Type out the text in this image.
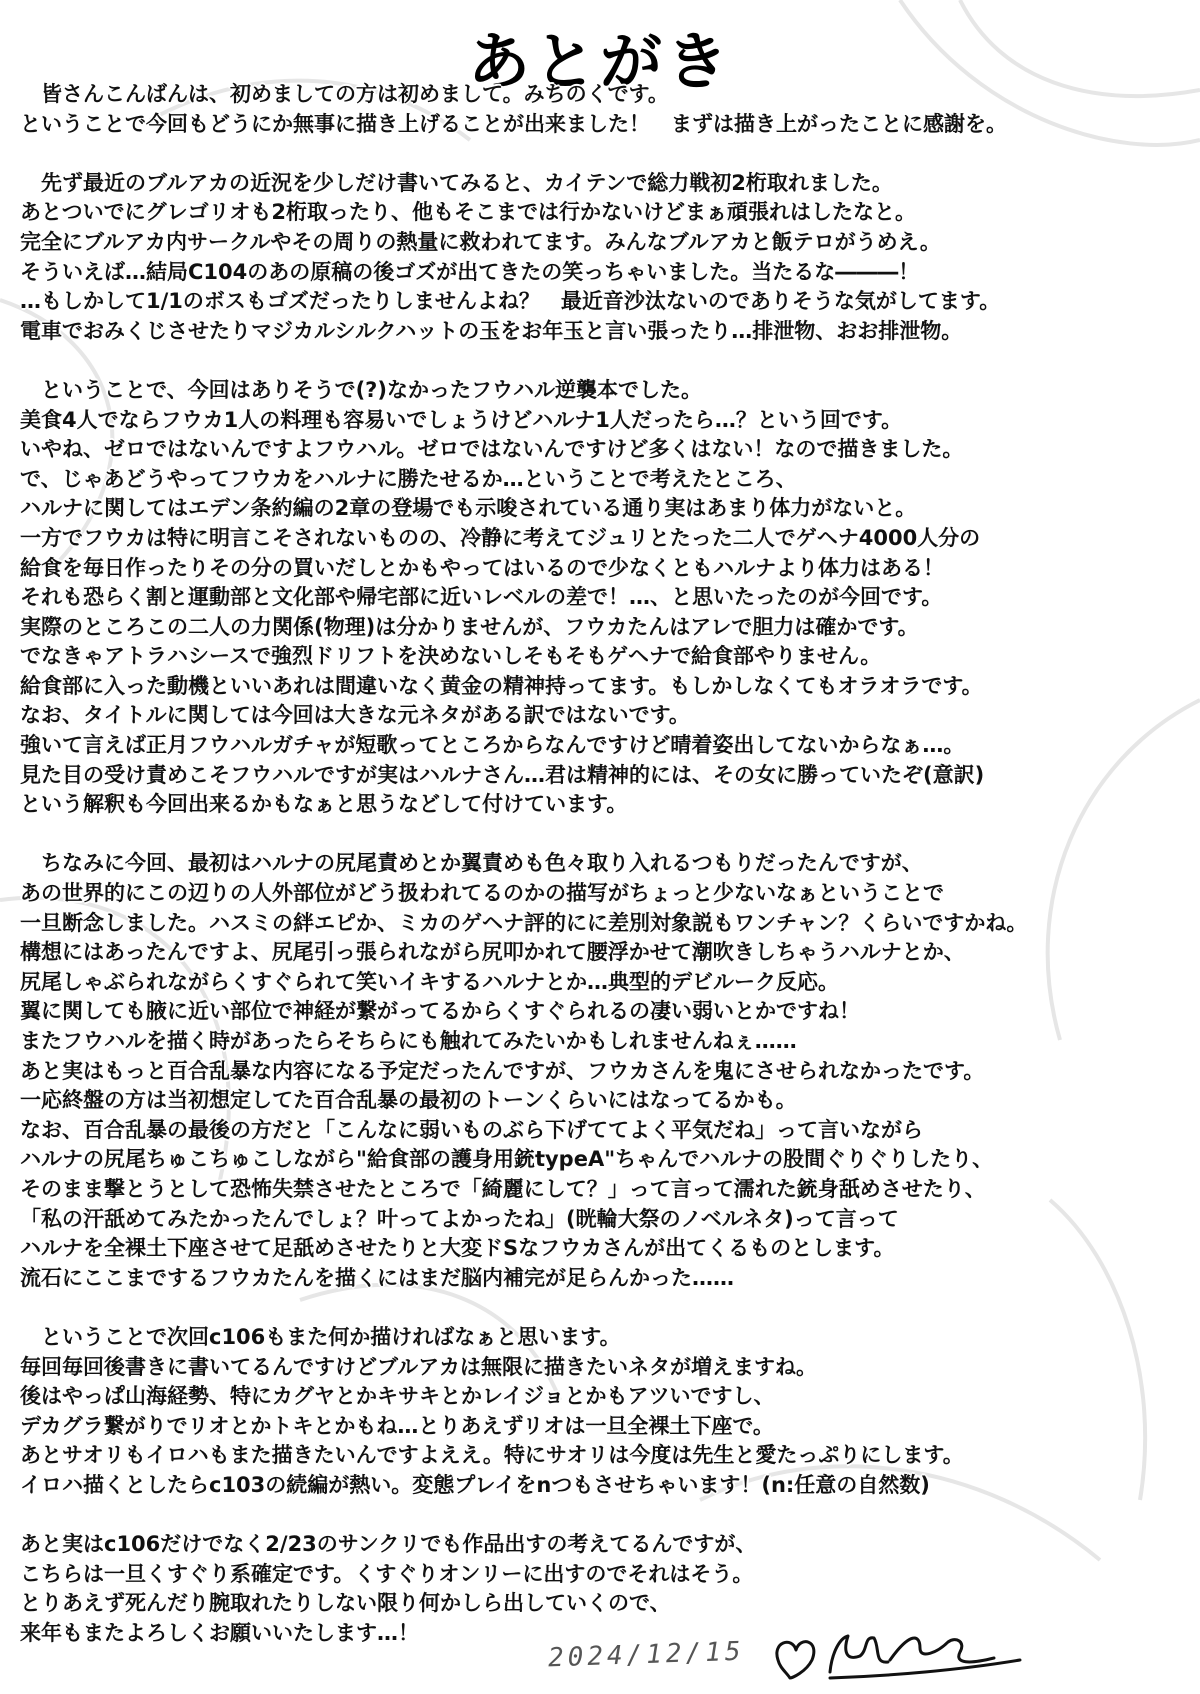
あとがき
　皆さんこんばんは、初めましての方は初めまして。みちのくです。
ということで今回もどうにか無事に描き上げることが出来ました！　まずは描き上がったことに感謝を。
　先ず最近のブルアカの近況を少しだけ書いてみると、カイテンで総力戦初2桁取れました。
あとついでにグレゴリオも2桁取ったり、他もそこまでは行かないけどまぁ頑張れはしたなと。
完全にブルアカ内サークルやその周りの熱量に救われてます。みんなブルアカと飯テロがうめえ。
そういえば…結局C104のあの原稿の後ゴズが出てきたの笑っちゃいました。当たるな―――！
…もしかして1/1のボスもゴズだったりしませんよね？　最近音沙汰ないのでありそうな気がしてます。
電車でおみくじさせたりマジカルシルクハットの玉をお年玉と言い張ったり…排泄物、おお排泄物。
　ということで、今回はありそうで(?)なかったフウハル逆襲本でした。
美食4人でならフウカ1人の料理も容易いでしょうけどハルナ1人だったら…？という回です。
いやね、ゼロではないんですよフウハル。ゼロではないんですけど多くはない！なので描きました。
で、じゃあどうやってフウカをハルナに勝たせるか…ということで考えたところ、
ハルナに関してはエデン条約編の2章の登場でも示唆されている通り実はあまり体力がないと。
一方でフウカは特に明言こそされないものの、冷静に考えてジュリとたった二人でゲヘナ4000人分の
給食を毎日作ったりその分の買いだしとかもやってはいるので少なくともハルナより体力はある！
それも恐らく割と運動部と文化部や帰宅部に近いレベルの差で！…、と思いたったのが今回です。
実際のところこの二人の力関係(物理)は分かりませんが、フウカたんはアレで胆力は確かです。
でなきゃアトラハシースで強烈ドリフトを決めないしそもそもゲヘナで給食部やりません。
給食部に入った動機といいあれは間違いなく黄金の精神持ってます。もしかしなくてもオラオラです。
なお、タイトルに関しては今回は大きな元ネタがある訳ではないです。
強いて言えば正月フウハルガチャが短歌ってところからなんですけど晴着姿出してないからなぁ…。
見た目の受け責めこそフウハルですが実はハルナさん…君は精神的には、その女に勝っていたぞ(意訳)
という解釈も今回出来るかもなぁと思うなどして付けています。
　ちなみに今回、最初はハルナの尻尾責めとか翼責めも色々取り入れるつもりだったんですが、
あの世界的にこの辺りの人外部位がどう扱われてるのかの描写がちょっと少ないなぁということで
一旦断念しました。ハスミの絆エピか、ミカのゲヘナ評的にに差別対象説もワンチャン？くらいですかね。
構想にはあったんですよ、尻尾引っ張られながら尻叩かれて腰浮かせて潮吹きしちゃうハルナとか、
尻尾しゃぶられながらくすぐられて笑いイキするハルナとか…典型的デビルーク反応。
翼に関しても腋に近い部位で神経が繋がってるからくすぐられるの凄い弱いとかですね！
またフウハルを描く時があったらそちらにも触れてみたいかもしれませんねぇ……
あと実はもっと百合乱暴な内容になる予定だったんですが、フウカさんを鬼にさせられなかったです。
一応終盤の方は当初想定してた百合乱暴の最初のトーンくらいにはなってるかも。
なお、百合乱暴の最後の方だと「こんなに弱いものぶら下げててよく平気だね」って言いながら
ハルナの尻尾ちゅこちゅこしながら"給食部の護身用銃typeA"ちゃんでハルナの股間ぐりぐりしたり、
そのまま撃とうとして恐怖失禁させたところで「綺麗にして？」って言って濡れた銃身舐めさせたり、
「私の汗舐めてみたかったんでしょ？叶ってよかったね」(晄輪大祭のノベルネタ)って言って
ハルナを全裸土下座させて足舐めさせたりと大変ドSなフウカさんが出てくるものとします。
流石にここまでするフウカたんを描くにはまだ脳内補完が足らんかった……
　ということで次回c106もまた何か描ければなぁと思います。
毎回毎回後書きに書いてるんですけどブルアカは無限に描きたいネタが増えますね。
後はやっぱ山海経勢、特にカグヤとかキサキとかレイジョとかもアツいですし、
デカグラ繋がりでリオとかトキとかもね…とりあえずリオは一旦全裸土下座で。
あとサオリもイロハもまた描きたいんですよええ。特にサオリは今度は先生と愛たっぷりにします。
イロハ描くとしたらc103の続編が熱い。変態プレイをnつもさせちゃいます！(n:任意の自然数)
あと実はc106だけでなく2/23のサンクリでも作品出すの考えてるんですが、
こちらは一旦くすぐり系確定です。くすぐりオンリーに出すのでそれはそう。
とりあえず死んだり腕取れたりしない限り何かしら出していくので、
来年もまたよろしくお願いいたします…！
2024/12/15
